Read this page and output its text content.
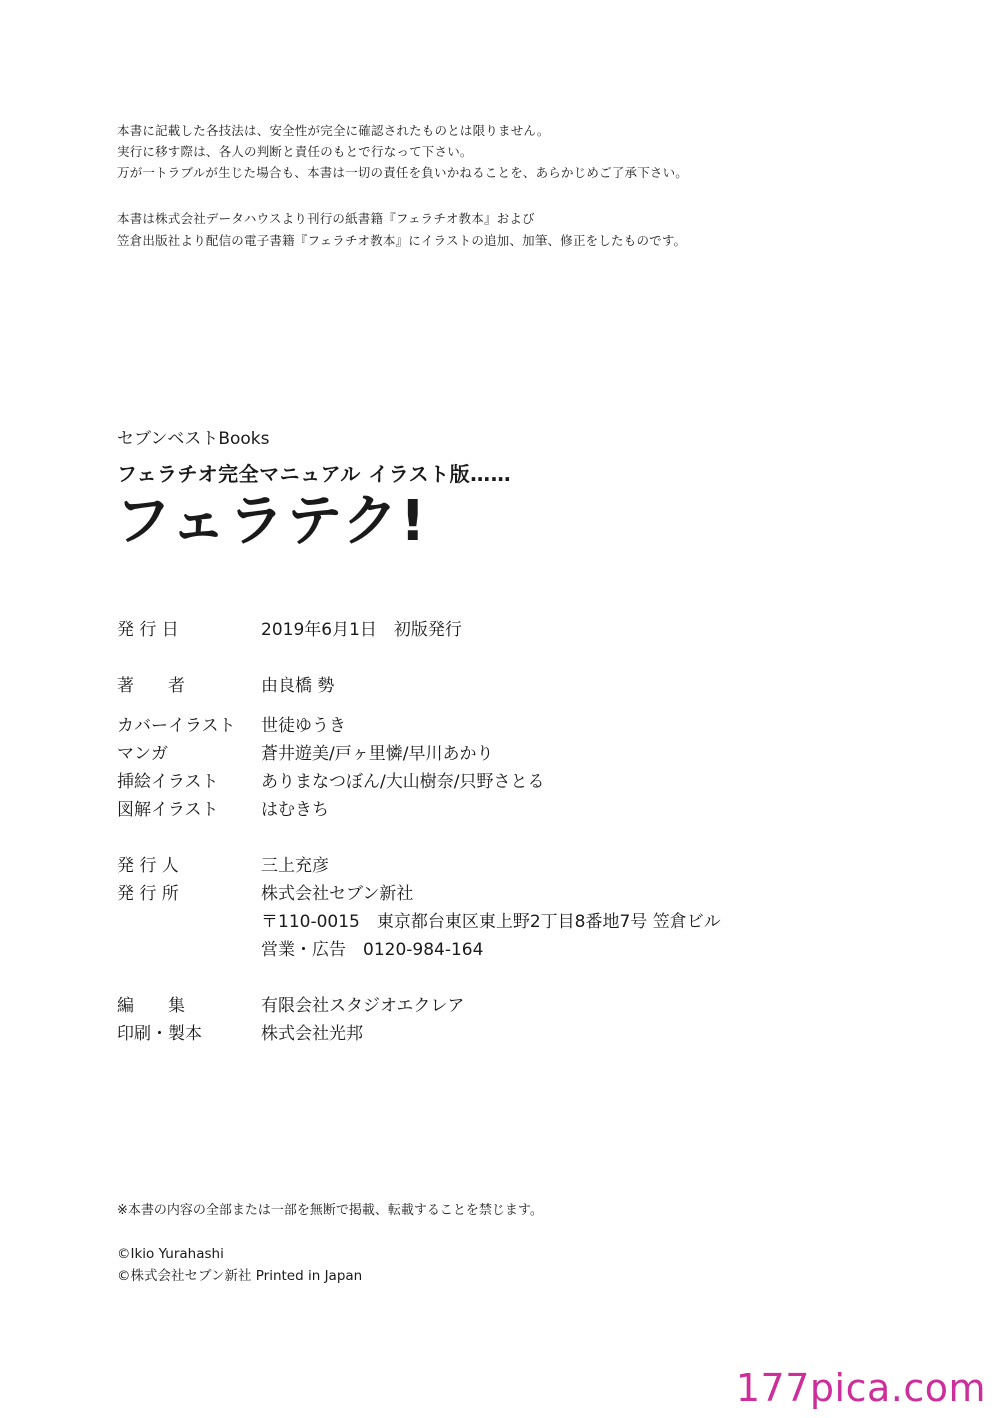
本書に記載した各技法は、安全性が完全に確認されたものとは限りません。
実行に移す際は、各人の判断と責任のもとで行なって下さい。
万が一トラブルが生じた場合も、本書は一切の責任を負いかねることを、あらかじめご了承下さい。
本書は株式会社データハウスより刊行の紙書籍『フェラチオ教本』および
笠倉出版社より配信の電子書籍『フェラチオ教本』にイラストの追加、加筆、修正をしたものです。
セブンベストBooks
フェラチオ完全マニュアル イラスト版……
フェラテク!
発 行 日	2019年6月1日　初版発行
著　　者	由良橋 勢
カバーイラスト	世徒ゆうき
マンガ	蒼井遊美/戸ヶ里憐/早川あかり
挿絵イラスト	ありまなつぼん/大山樹奈/只野さとる
図解イラスト	はむきち
発 行 人	三上充彦
発 行 所	株式会社セブン新社
〒110-0015　東京都台東区東上野2丁目8番地7号 笠倉ビル
営業・広告　0120-984-164
編　　集	有限会社スタジオエクレア
印刷・製本	株式会社光邦
※本書の内容の全部または一部を無断で掲載、転載することを禁じます。
©Ikio Yurahashi
©株式会社セブン新社 Printed in Japan
177pica.com
